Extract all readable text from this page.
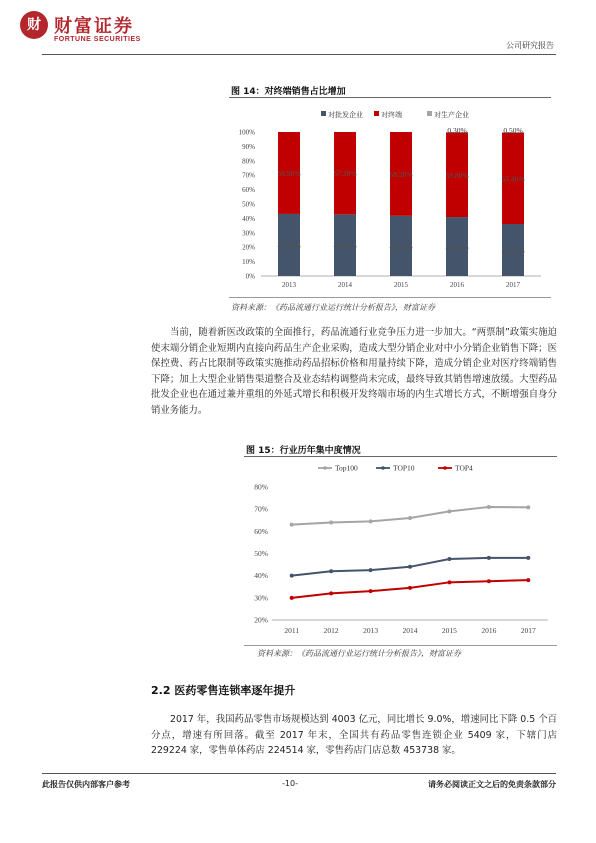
财 财富证券
FORTUNE SECURITIES
公司研究报告
图 14：对终端销售占比增加
对批发企业	对终端	对生产企业
0%
10%
20%
30%
40%
50%
60%
70%
80%
90%
100%
43.10%
56.90%
2013
42.80%
57.20%
2014
41.80%
58.20%
2015
40.90%
58.80%
0.30%
2016
36.10%
63.40%
0.50%
2017
资料来源：《药品流通行业运行统计分析报告》，财富证券
当前，随着新医改政策的全面推行，药品流通行业竞争压力进一步加大。“两票制”政策实施迫使末端分销企业短期内直接向药品生产企业采购，造成大型分销企业对中小分销企业销售下降；医保控费、药占比限制等政策实施推动药品招标价格和用量持续下降，造成分销企业对医疗终端销售下降；加上大型企业销售渠道整合及业态结构调整尚未完成，最终导致其销售增速放缓。大型药品批发企业也在通过兼并重组的外延式增长和积极开发终端市场的内生式增长方式，不断增强自身分销业务能力。
图 15：行业历年集中度情况
Top100	TOP10	TOP4
20%
30%
40%
50%
60%
70%
80%
2011	2012	2013	2014	2015	2016	2017
资料来源：《药品流通行业运行统计分析报告》，财富证券
2.2 医药零售连锁率逐年提升
2017 年，我国药品零售市场规模达到 4003 亿元，同比增长 9.0%，增速同比下降 0.5 个百分点，增速有所回落。截至 2017 年末，全国共有药品零售连锁企业 5409 家，下辖门店 229224 家，零售单体药店 224514 家，零售药店门店总数 453738 家。
此报告仅供内部客户参考	-10-	请务必阅读正文之后的免责条款部分
